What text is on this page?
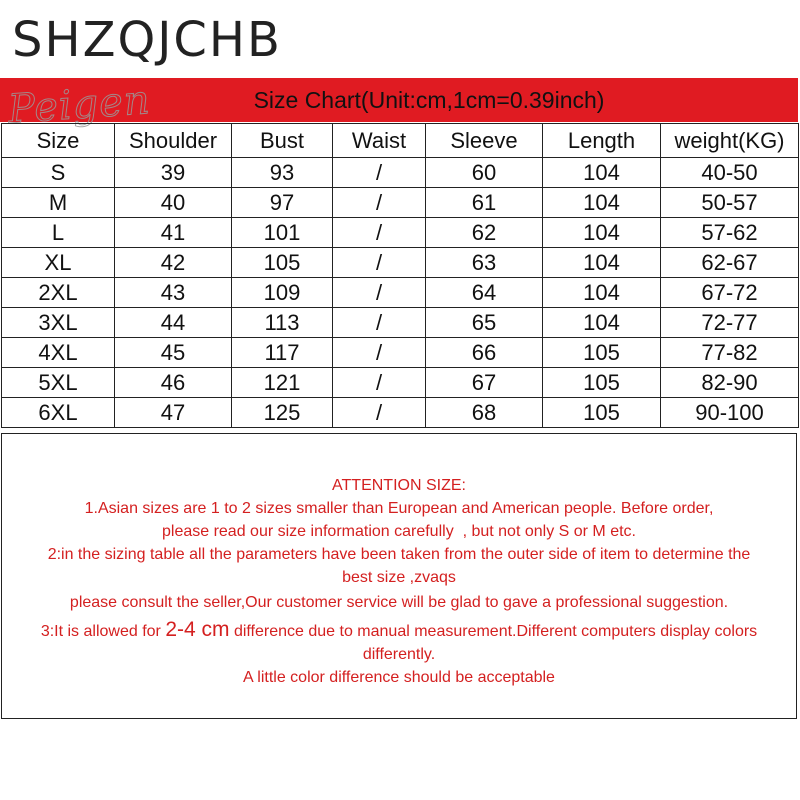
SHZQJCHB
Size Chart(Unit:cm,1cm=0.39inch)
Peigen
Size	Shoulder	Bust	Waist	Sleeve	Length	weight(KG)
S	39	93	/	60	104	40-50
M	40	97	/	61	104	50-57
L	41	101	/	62	104	57-62
XL	42	105	/	63	104	62-67
2XL	43	109	/	64	104	67-72
3XL	44	113	/	65	104	72-77
4XL	45	117	/	66	105	77-82
5XL	46	121	/	67	105	82-90
6XL	47	125	/	68	105	90-100

ATTENTION SIZE:

1.Asian sizes are 1 to 2 sizes smaller than European and American people. Before order,

please read our size information carefully  , but not only S or M etc.

2:in the sizing table all the parameters have been taken from the outer side of item to determine the

best size ,zvaqs

please consult the seller,Our customer service will be glad to gave a professional suggestion.

3:It is allowed for 2-4 cm difference due to manual measurement.Different computers display colors

differently.

A little color difference should be acceptable
